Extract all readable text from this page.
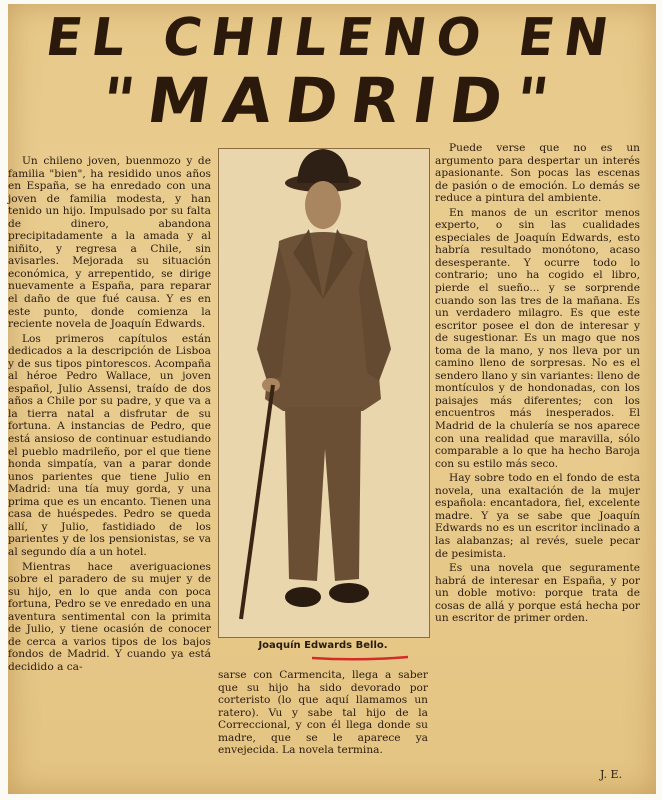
EL CHILENO EN
"MADRID"

Un chileno joven, buenmozo y de familia "bien", ha residido unos años en España, se ha enredado con una joven de familia modesta, y han tenido un hijo. Impulsado por su falta de dinero, abandona precipitadamente a la amada y al niñito, y regresa a Chile, sin avisarles. Mejorada su situación económica, y arrepentido, se dirige nuevamente a España, para reparar el daño de que fué causa. Y es en este punto, donde comienza la reciente novela de Joaquín Edwards.

Los primeros capítulos están dedicados a la descripción de Lisboa y de sus tipos pintorescos. Acompaña al héroe Pedro Wallace, un joven español, Julio Assensi, traído de dos años a Chile por su padre, y que va a la tierra natal a disfrutar de su fortuna. A instancias de Pedro, que está ansioso de continuar estudiando el pueblo madrileño, por el que tiene honda simpatía, van a parar donde unos parientes que tiene Julio en Madrid: una tía muy gorda, y una prima que es un encanto. Tienen una casa de huéspedes. Pedro se queda allí, y Julio, fastidiado de los parientes y de los pensionistas, se va al segundo día a un hotel.

Mientras hace averiguaciones sobre el paradero de su mujer y de su hijo, en lo que anda con poca fortuna, Pedro se ve enredado en una aventura sentimental con la primita de Julio, y tiene ocasión de conocer de cerca a varios tipos de los bajos fondos de Madrid. Y cuando ya está decidido a ca-

Joaquín Edwards Bello.

sarse con Carmencita, llega a saber que su hijo ha sido devorado por corteristo (lo que aquí llamamos un ratero). Vu y sabe tal hijo de la Correccional, y con él llega donde su madre, que se le aparece ya envejecida. La novela termina.

Puede verse que no es un argumento para despertar un interés apasionante. Son pocas las escenas de pasión o de emoción. Lo demás se reduce a pintura del ambiente.

En manos de un escritor menos experto, o sin las cualidades especiales de Joaquín Edwards, esto habría resultado monótono, acaso desesperante. Y ocurre todo lo contrario; uno ha cogido el libro, pierde el sueño... y se sorprende cuando son las tres de la mañana. Es un verdadero milagro. Es que este escritor posee el don de interesar y de sugestionar. Es un mago que nos toma de la mano, y nos lleva por un camino lleno de sorpresas. No es el sendero llano y sin variantes: lleno de montículos y de hondonadas, con los paisajes más diferentes; con los encuentros más inesperados. El Madrid de la chulería se nos aparece con una realidad que maravilla, sólo comparable a lo que ha hecho Baroja con su estilo más seco.

Hay sobre todo en el fondo de esta novela, una exaltación de la mujer española: encantadora, fiel, excelente madre. Y ya se sabe que Joaquín Edwards no es un escritor inclinado a las alabanzas; al revés, suele pecar de pesimista.

Es una novela que seguramente habrá de interesar en España, y por un doble motivo: porque trata de cosas de allá y porque está hecha por un escritor de primer orden.

J. E.
